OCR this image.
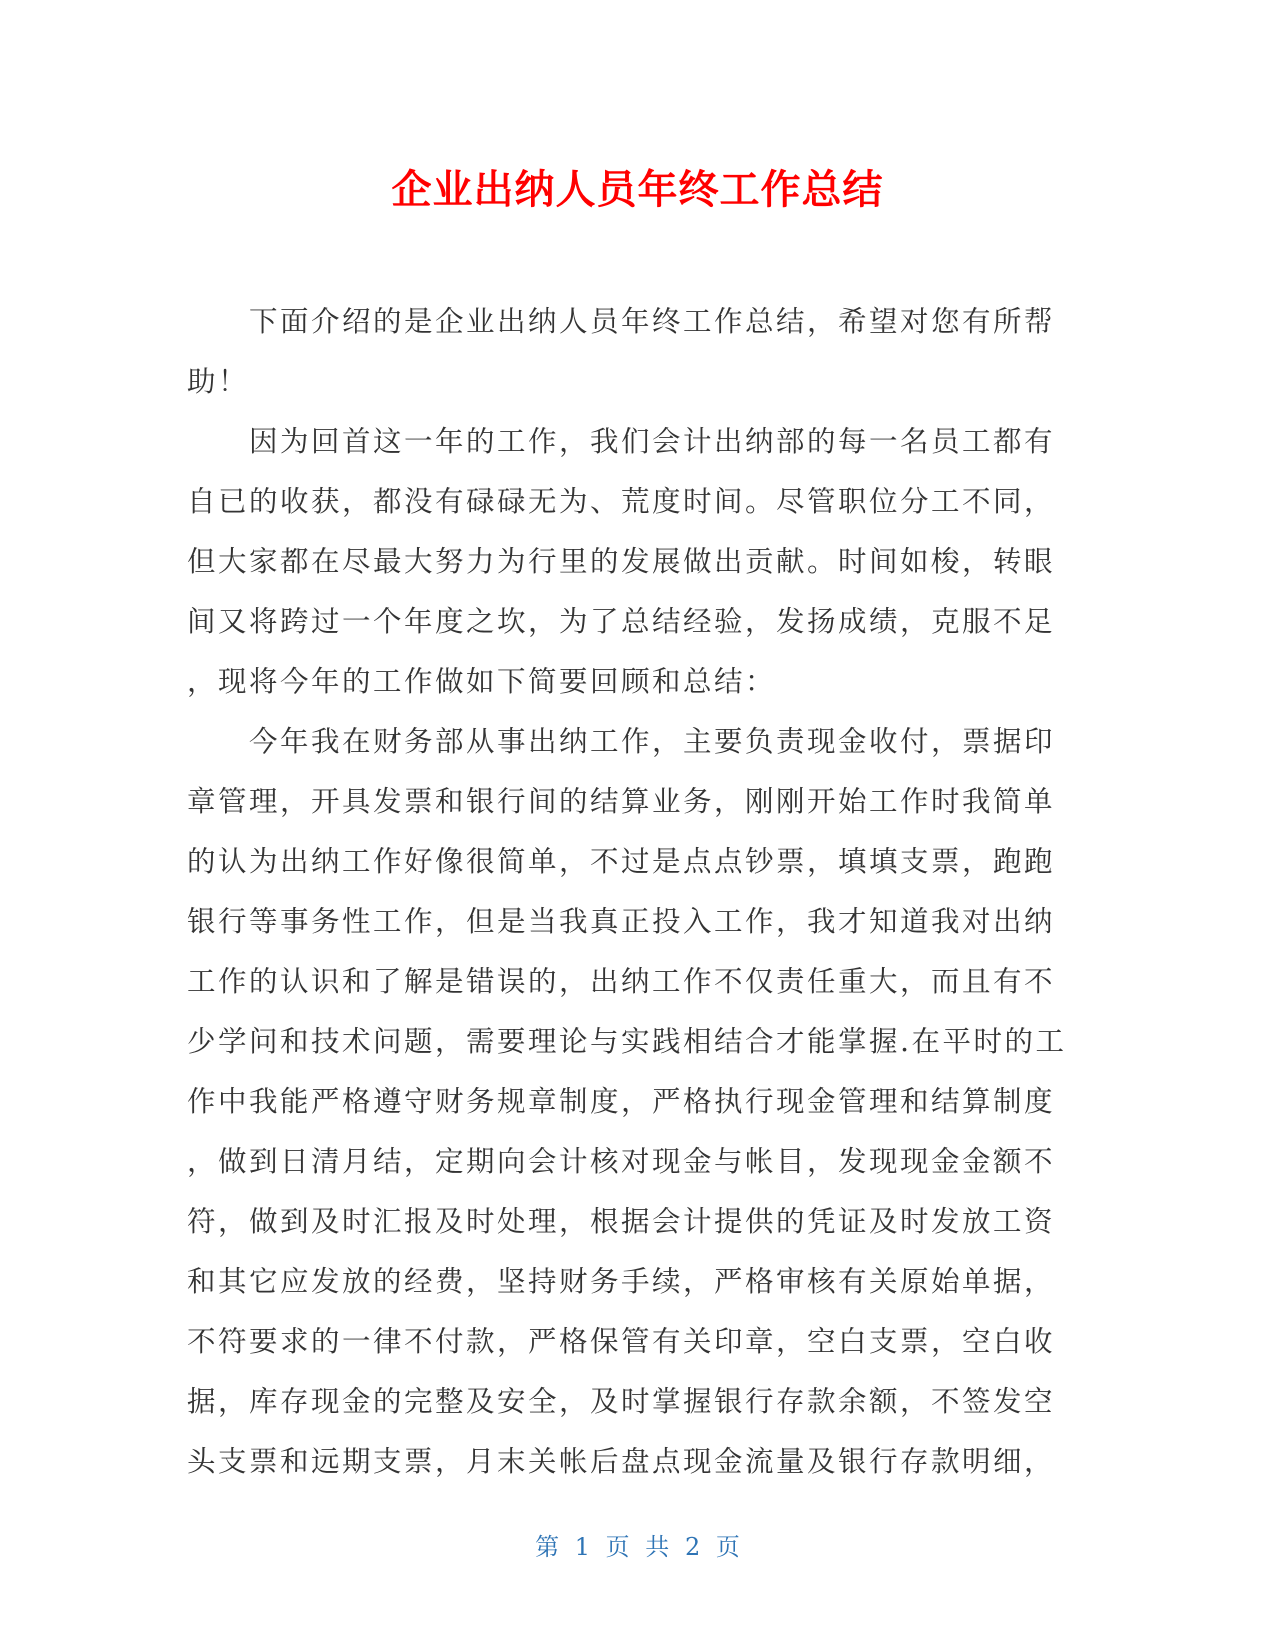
企业出纳人员年终工作总结
　　下面介绍的是企业出纳人员年终工作总结，希望对您有所帮
助！
　　因为回首这一年的工作，我们会计出纳部的每一名员工都有
自已的收获，都没有碌碌无为、荒度时间。尽管职位分工不同，
但大家都在尽最大努力为行里的发展做出贡献。时间如梭，转眼
间又将跨过一个年度之坎，为了总结经验，发扬成绩，克服不足
，现将今年的工作做如下简要回顾和总结：
　　今年我在财务部从事出纳工作，主要负责现金收付，票据印
章管理，开具发票和银行间的结算业务，刚刚开始工作时我简单
的认为出纳工作好像很简单，不过是点点钞票，填填支票，跑跑
银行等事务性工作，但是当我真正投入工作，我才知道我对出纳
工作的认识和了解是错误的，出纳工作不仅责任重大，而且有不
少学问和技术问题，需要理论与实践相结合才能掌握.在平时的工
作中我能严格遵守财务规章制度，严格执行现金管理和结算制度
，做到日清月结，定期向会计核对现金与帐目，发现现金金额不
符，做到及时汇报及时处理，根据会计提供的凭证及时发放工资
和其它应发放的经费，坚持财务手续，严格审核有关原始单据，
不符要求的一律不付款，严格保管有关印章，空白支票，空白收
据，库存现金的完整及安全，及时掌握银行存款余额，不签发空
头支票和远期支票，月末关帐后盘点现金流量及银行存款明细，
第 1 页 共 2 页
